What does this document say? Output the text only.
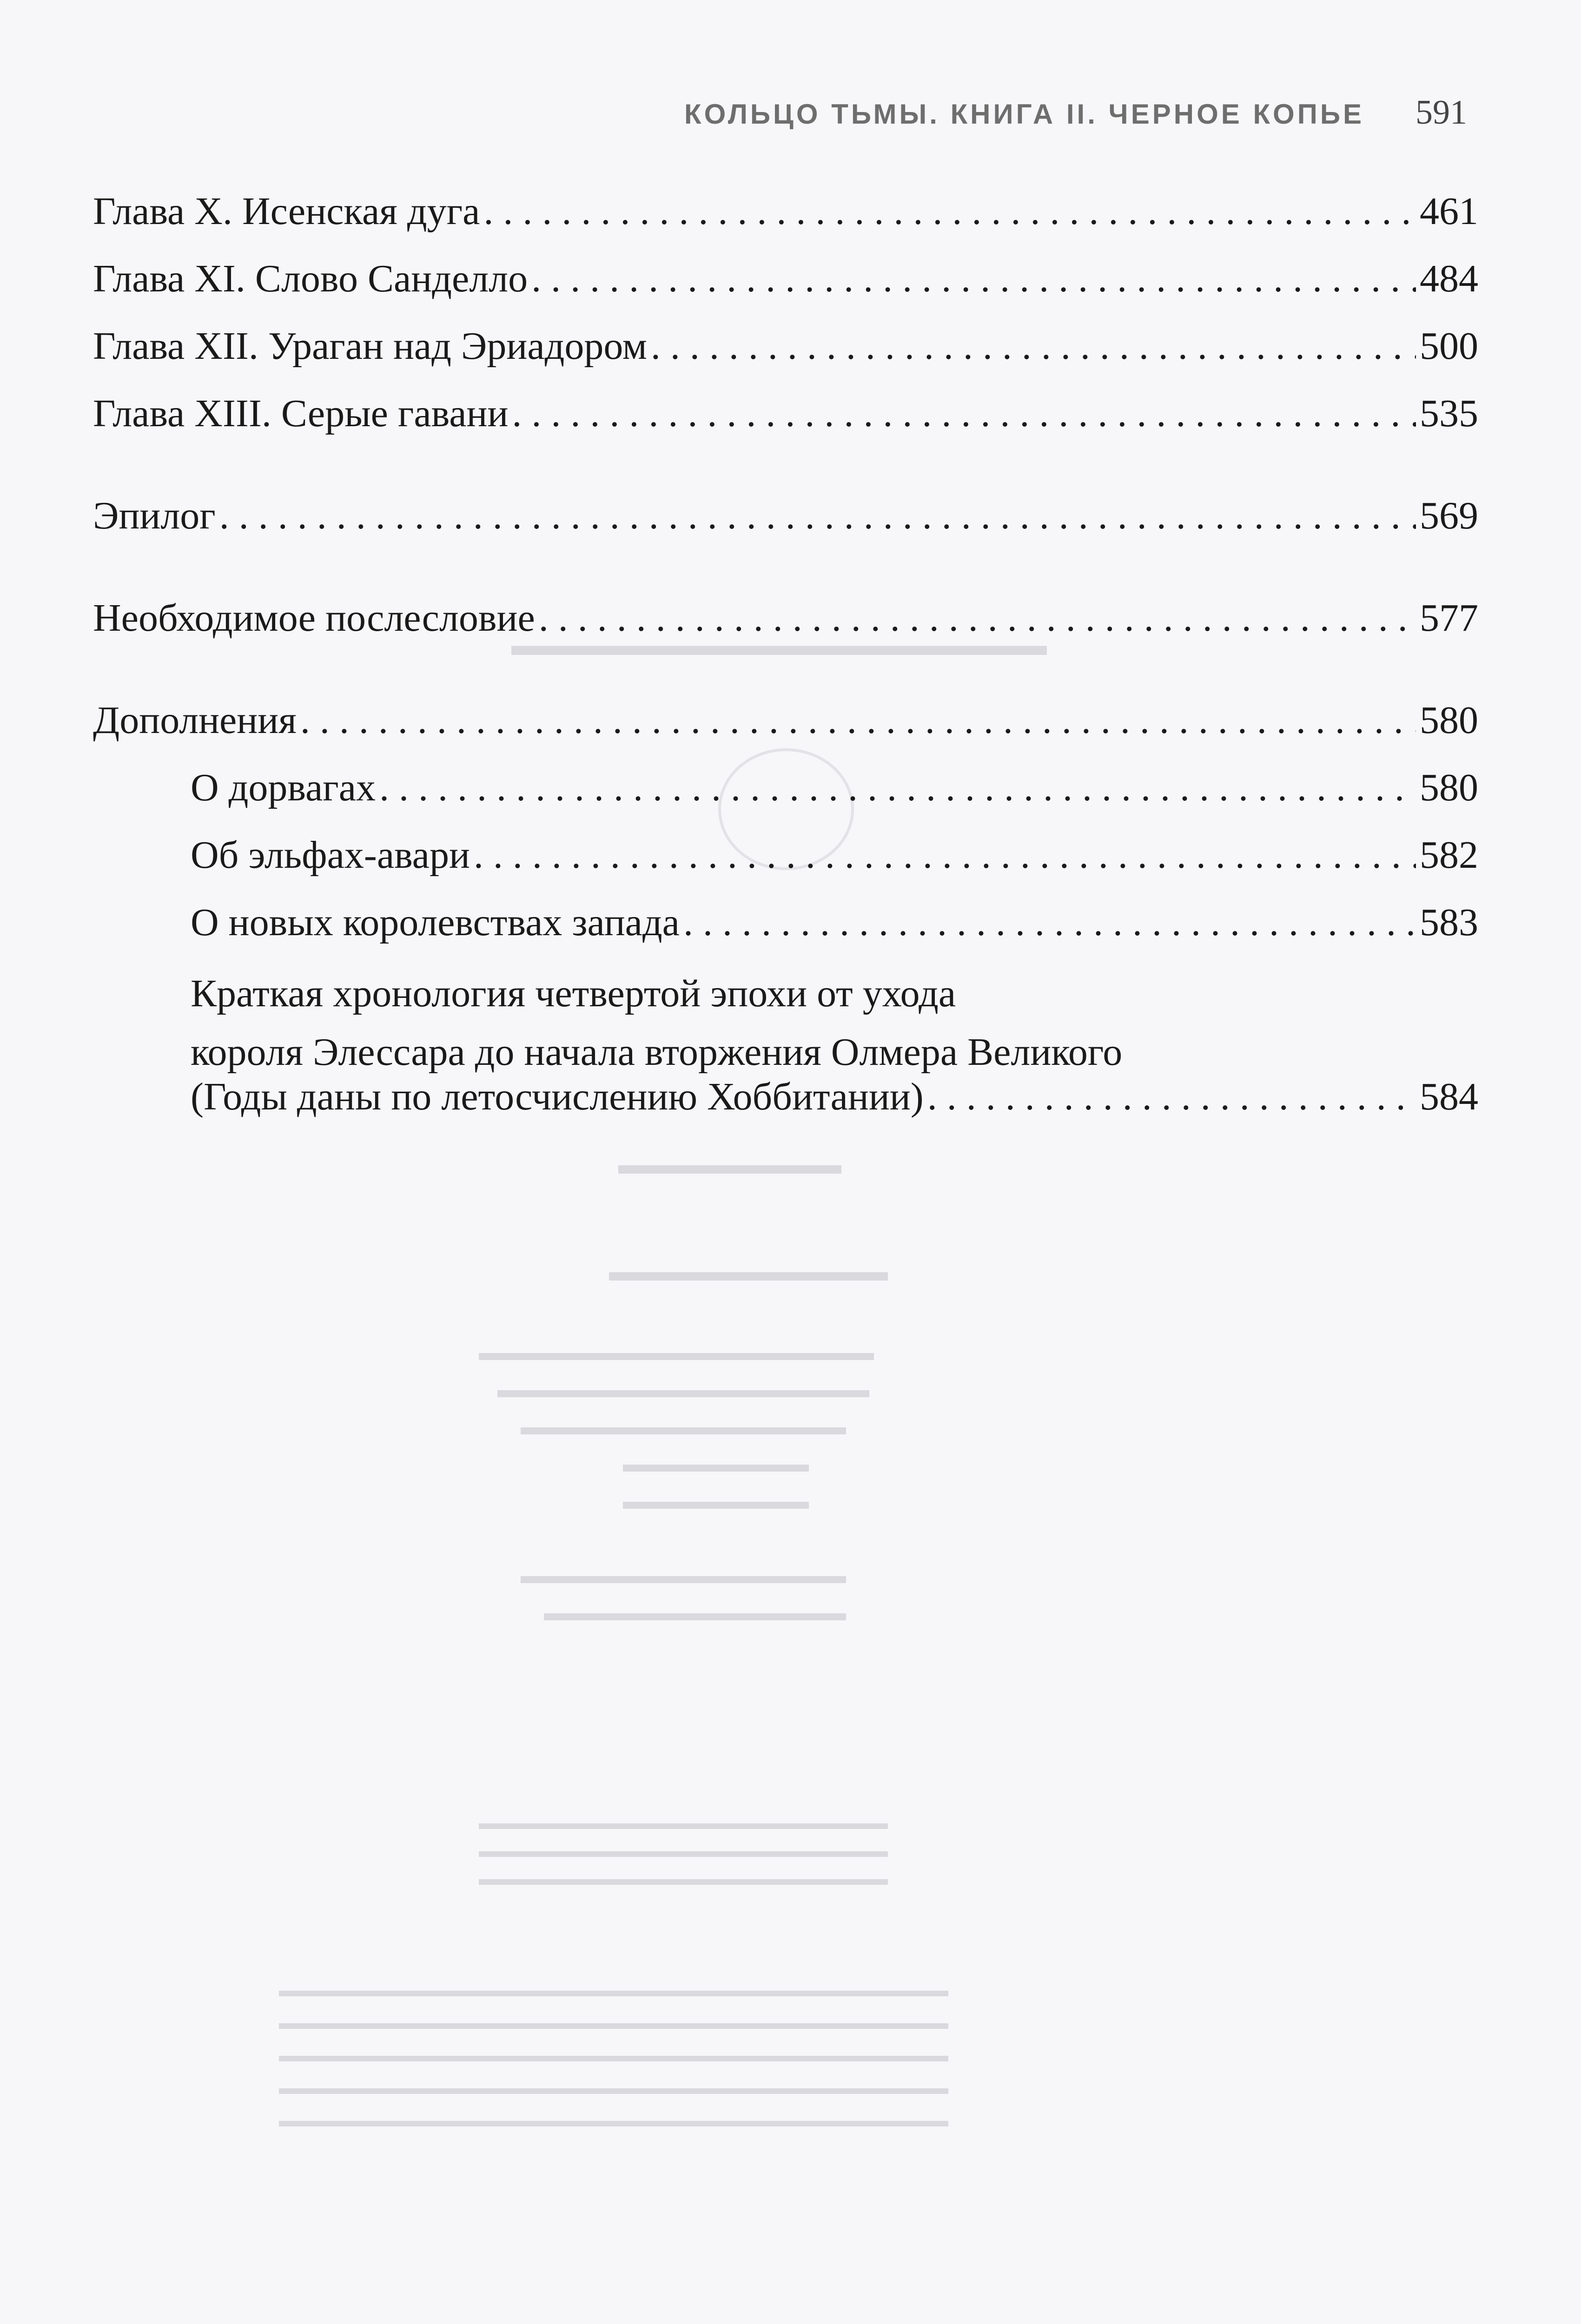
▬▬▬▬▬▬▬▬▬▬▬▬▬▬▬▬▬▬
▬▬▬▬▬▬▬▬
▬▬▬▬▬▬▬▬▬▬
▬▬▬▬▬▬▬▬▬▬▬▬▬▬▬▬▬
▬▬▬▬▬▬▬▬▬▬▬▬▬▬▬▬
▬▬▬▬▬▬▬▬▬▬▬▬▬▬
▬▬▬▬▬▬▬▬
▬▬▬▬▬▬▬▬
▬▬▬▬▬▬▬▬▬▬▬▬▬▬
▬▬▬▬▬▬▬▬▬▬▬▬▬
▬▬▬▬▬▬▬▬▬▬▬▬▬▬▬▬▬▬▬▬▬▬
▬▬▬▬▬▬▬▬▬▬▬▬▬▬▬▬▬▬▬▬▬▬
▬▬▬▬▬▬▬▬▬▬▬▬▬▬▬▬▬▬▬▬▬▬
▬▬▬▬▬▬▬▬▬▬▬▬▬▬▬▬▬▬▬▬▬▬▬▬▬▬▬▬▬▬▬▬▬▬▬▬
▬▬▬▬▬▬▬▬▬▬▬▬▬▬▬▬▬▬▬▬▬▬▬▬▬▬▬▬▬▬▬▬▬▬▬▬
▬▬▬▬▬▬▬▬▬▬▬▬▬▬▬▬▬▬▬▬▬▬▬▬▬▬▬▬▬▬▬▬▬▬▬▬
▬▬▬▬▬▬▬▬▬▬▬▬▬▬▬▬▬▬▬▬▬▬▬▬▬▬▬▬▬▬▬▬▬▬▬▬
▬▬▬▬▬▬▬▬▬▬▬▬▬▬▬▬▬▬▬▬▬▬▬▬▬▬▬▬▬▬▬▬▬▬▬▬
КОЛЬЦО ТЬМЫ. КНИГА II. ЧЕРНОЕ КОПЬЕ 591
Глава X. Исенская дуга . . .	461
Глава XI. Слово Санделло . . .	484
Глава XII. Ураган над Эриадором . . .	500
Глава XIII. Серые гавани . . .	535
Эпилог . . .	569
Необходимое послесловие . . .	577
Дополнения . . .	580
О дорвагах . . .	580
Об эльфах-авари . . .	582
О новых королевствах запада . . .	583
Краткая хронология четвертой эпохи от ухода
короля Элессара до начала вторжения Олмера Великого
(Годы даны по летосчислению Хоббитании) . . .	584
